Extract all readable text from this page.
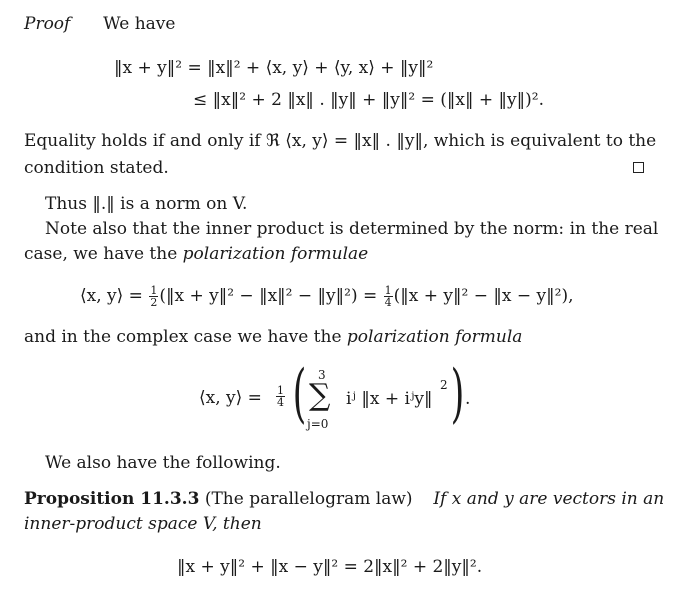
Proof We have
‖x + y‖² = ‖x‖² + ⟨x, y⟩ + ⟨y, x⟩ + ‖y‖²
≤ ‖x‖² + 2 ‖x‖ . ‖y‖ + ‖y‖² = (‖x‖ + ‖y‖)².
Equality holds if and only if ℜ ⟨x, y⟩ = ‖x‖ . ‖y‖, which is equivalent to the
condition stated.
Thus ‖.‖ is a norm on V.
Note also that the inner product is determined by the norm: in the real
case, we have the polarization formulae
⟨x, y⟩ = $\frac{1}{2}$ (‖x + y‖² − ‖x‖² − ‖y‖²) = $\frac{1}{4}$ (‖x + y‖² − ‖x − y‖²),
and in the complex case we have the polarization formula
⟨x, y⟩ = $\frac{1}{4}$ ( 3
∑
j=0
iʲ ‖x + iʲy‖
2 ) .
We also have the following.
Proposition 11.3.3 (The parallelogram law) If x and y are vectors in an
inner-product space V, then
‖x + y‖² + ‖x − y‖² = 2‖x‖² + 2‖y‖².
